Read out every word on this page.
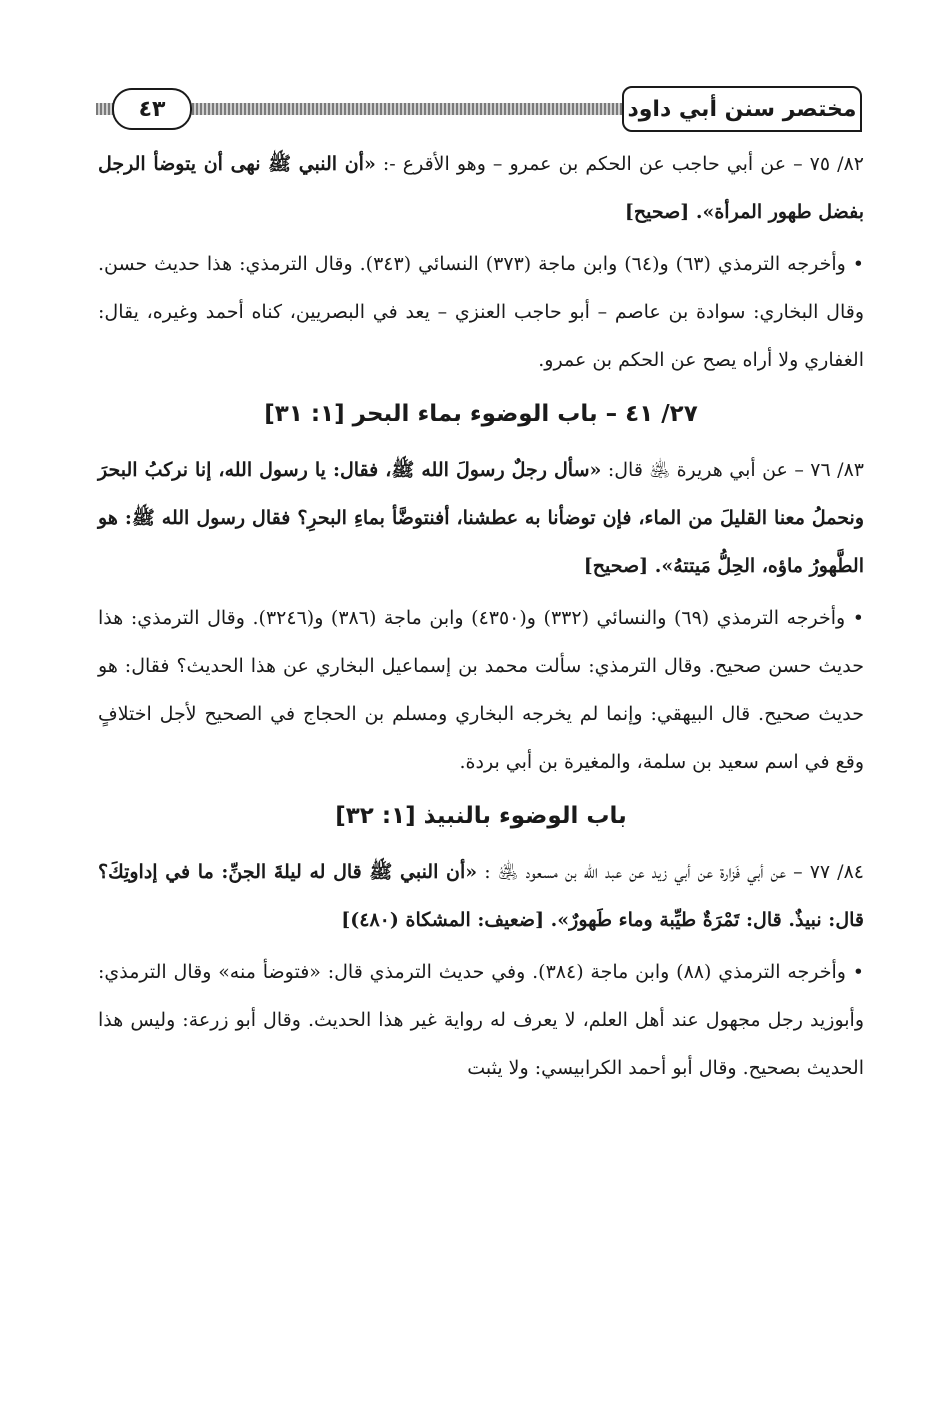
٤٣	مختصر سنن أبي داود

٨٢/ ٧٥ – عن أبي حاجب عن الحكم بن عمرو – وهو الأقرع -: «أن النبي ﷺ نهى أن يتوضأ الرجل بفضل طهور المرأة». [صحيح]

• وأخرجه الترمذي (٦٣) و(٦٤) وابن ماجة (٣٧٣) النسائي (٣٤٣). وقال الترمذي: هذا حديث حسن. وقال البخاري: سوادة بن عاصم – أبو حاجب العنزي – يعد في البصريين، كناه أحمد وغيره، يقال: الغفاري ولا أراه يصح عن الحكم بن عمرو.

٢٧/ ٤١ – باب الوضوء بماء البحر [١: ٣١]

٨٣/ ٧٦ – عن أبي هريرة ﵁ قال: «سأل رجلٌ رسولَ الله ﷺ، فقال: يا رسول الله، إنا نركبُ البحرَ ونحملُ معنا القليلَ من الماء، فإن توضأنا به عطشنا، أفنتوضَّأ بماءِ البحرِ؟ فقال رسول الله ﷺ: هو الطَّهورُ ماؤه، الحِلُّ مَيتتهُ». [صحيح]

• وأخرجه الترمذي (٦٩) والنسائي (٣٣٢) و(٤٣٥٠) وابن ماجة (٣٨٦) و(٣٢٤٦). وقال الترمذي: هذا حديث حسن صحيح. وقال الترمذي: سألت محمد بن إسماعيل البخاري عن هذا الحديث؟ فقال: هو حديث صحيح. قال البيهقي: وإنما لم يخرجه البخاري ومسلم بن الحجاج في الصحيح لأجل اختلافٍ وقع في اسم سعيد بن سلمة، والمغيرة بن أبي بردة.

باب الوضوء بالنبيذ [١: ٣٢]

٨٤/ ٧٧ – عن أبي فَزارة عن أبي زيد عن عبد الله بن مسعود ﵁ : «أن النبي ﷺ قال له ليلةَ الجنِّ: ما في إداوتِكَ؟ قال: نبيذٌ. قال: تَمْرَةٌ طيِّبة وماء طَهورٌ». [ضعيف: المشكاة (٤٨٠)]

• وأخرجه الترمذي (٨٨) وابن ماجة (٣٨٤). وفي حديث الترمذي قال: «فتوضأ منه» وقال الترمذي: وأبوزيد رجل مجهول عند أهل العلم، لا يعرف له رواية غير هذا الحديث. وقال أبو زرعة: وليس هذا الحديث بصحيح. وقال أبو أحمد الكرابيسي: ولا يثبت
